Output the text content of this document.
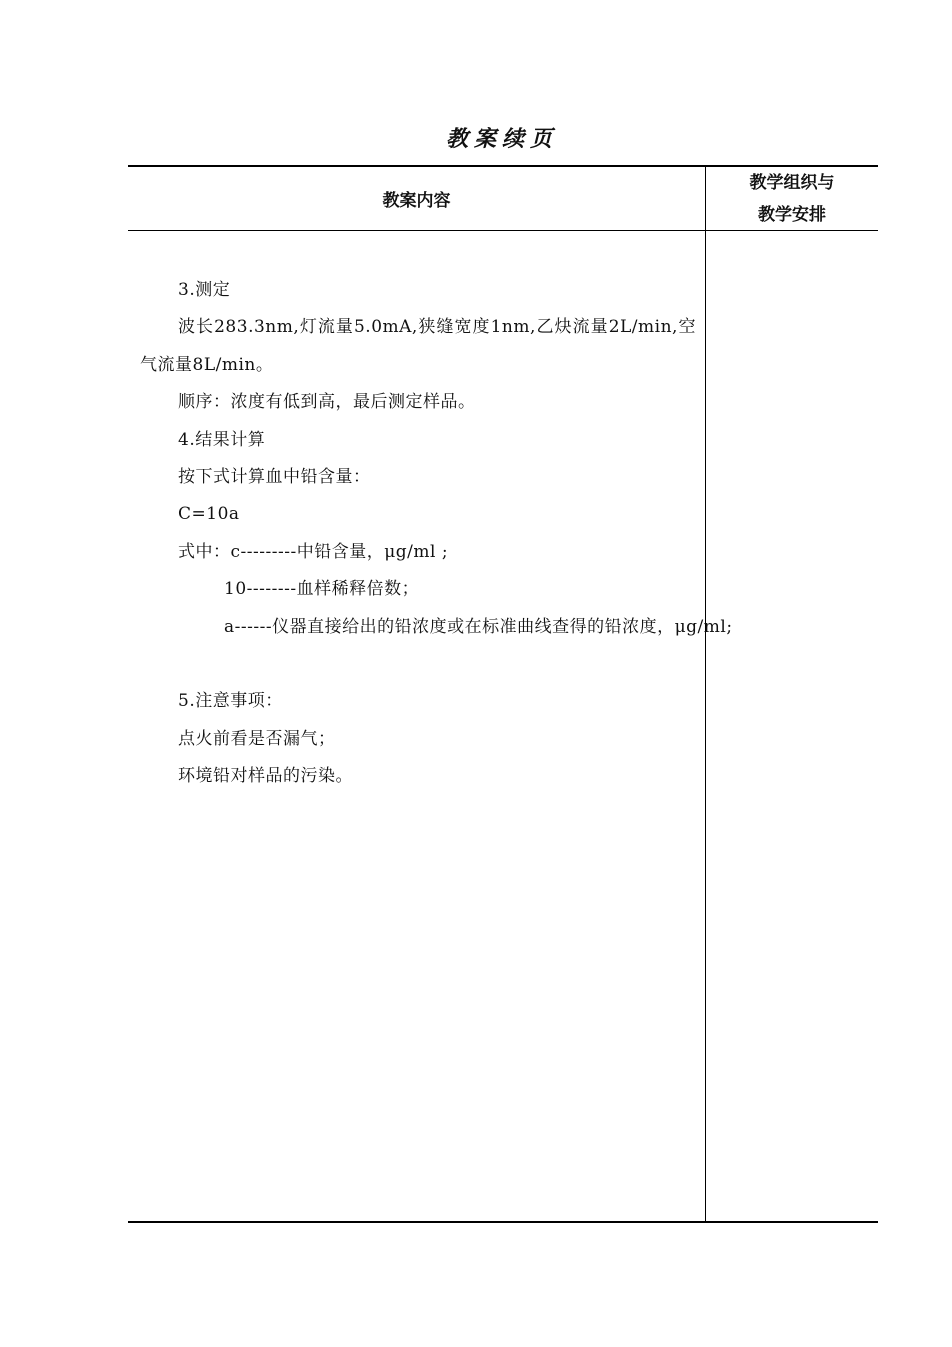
教案续页
教案内容
教学组织与
教学安排

3.测定

波长283.3nm,灯流量5.0mA,狭缝宽度1nm,乙炔流量2L/min,空气流量8L/min。

顺序：浓度有低到高，最后测定样品。

4.结果计算

按下式计算血中铅含量：

C=10a

式中：c---------中铅含量，μg/ml ;

10--------血样稀释倍数；

a------仪器直接给出的铅浓度或在标准曲线查得的铅浓度，μg/ml;

5.注意事项：

点火前看是否漏气；

环境铅对样品的污染。
